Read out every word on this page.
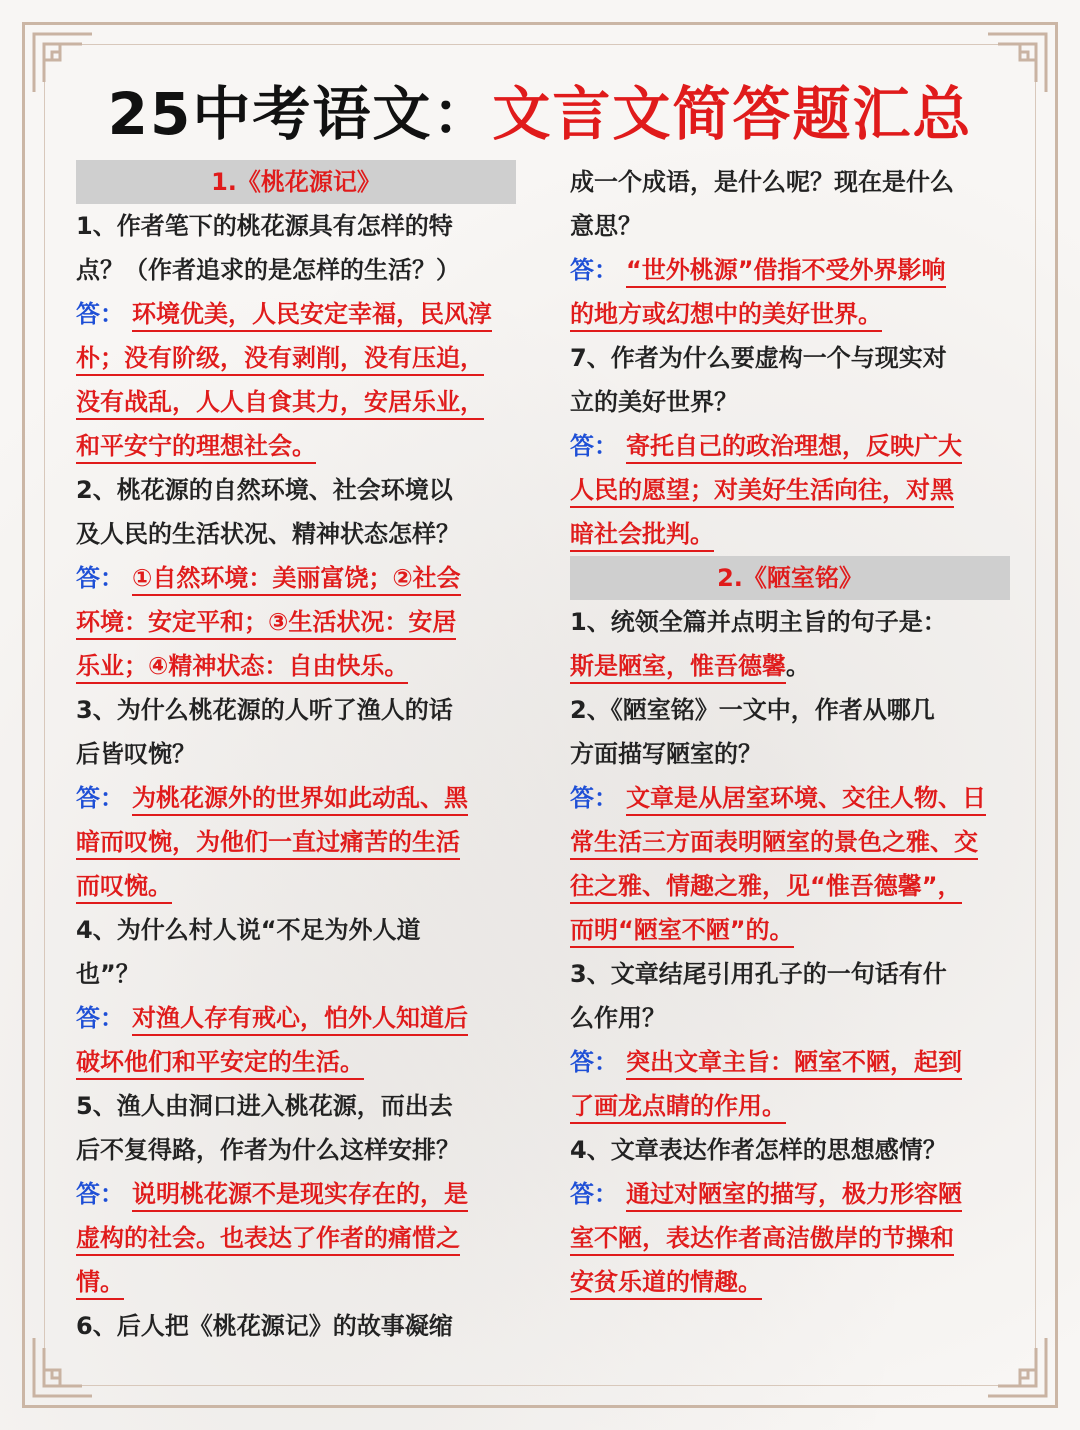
25中考语文：文言文简答题汇总
1.《桃花源记》
1、作者笔下的桃花源具有怎样的特
点？（作者追求的是怎样的生活？）
答： 环境优美，人民安定幸福，民风淳
朴；没有阶级，没有剥削，没有压迫，
没有战乱，人人自食其力，安居乐业，
和平安宁的理想社会。
2、桃花源的自然环境、社会环境以
及人民的生活状况、精神状态怎样？
答： ①自然环境：美丽富饶；②社会
环境：安定平和；③生活状况：安居
乐业；④精神状态：自由快乐。
3、为什么桃花源的人听了渔人的话
后皆叹惋？
答： 为桃花源外的世界如此动乱、黑
暗而叹惋，为他们一直过痛苦的生活
而叹惋。
4、为什么村人说“不足为外人道
也”？
答： 对渔人存有戒心，怕外人知道后
破坏他们和平安定的生活。
5、渔人由洞口进入桃花源，而出去
后不复得路，作者为什么这样安排？
答： 说明桃花源不是现实存在的，是
虚构的社会。也表达了作者的痛惜之
情。
6、后人把《桃花源记》的故事凝缩
成一个成语，是什么呢？现在是什么
意思？
答： “世外桃源”借指不受外界影响
的地方或幻想中的美好世界。
7、作者为什么要虚构一个与现实对
立的美好世界？
答： 寄托自己的政治理想，反映广大
人民的愿望；对美好生活向往，对黑
暗社会批判。
2.《陋室铭》
1、统领全篇并点明主旨的句子是：
斯是陋室，惟吾德馨。
2、《陋室铭》一文中，作者从哪几
方面描写陋室的？
答： 文章是从居室环境、交往人物、日
常生活三方面表明陋室的景色之雅、交
往之雅、情趣之雅，见“惟吾德馨”，
而明“陋室不陋”的。
3、文章结尾引用孔子的一句话有什
么作用？
答： 突出文章主旨：陋室不陋，起到
了画龙点睛的作用。
4、文章表达作者怎样的思想感情？
答： 通过对陋室的描写，极力形容陋
室不陋，表达作者高洁傲岸的节操和
安贫乐道的情趣。
